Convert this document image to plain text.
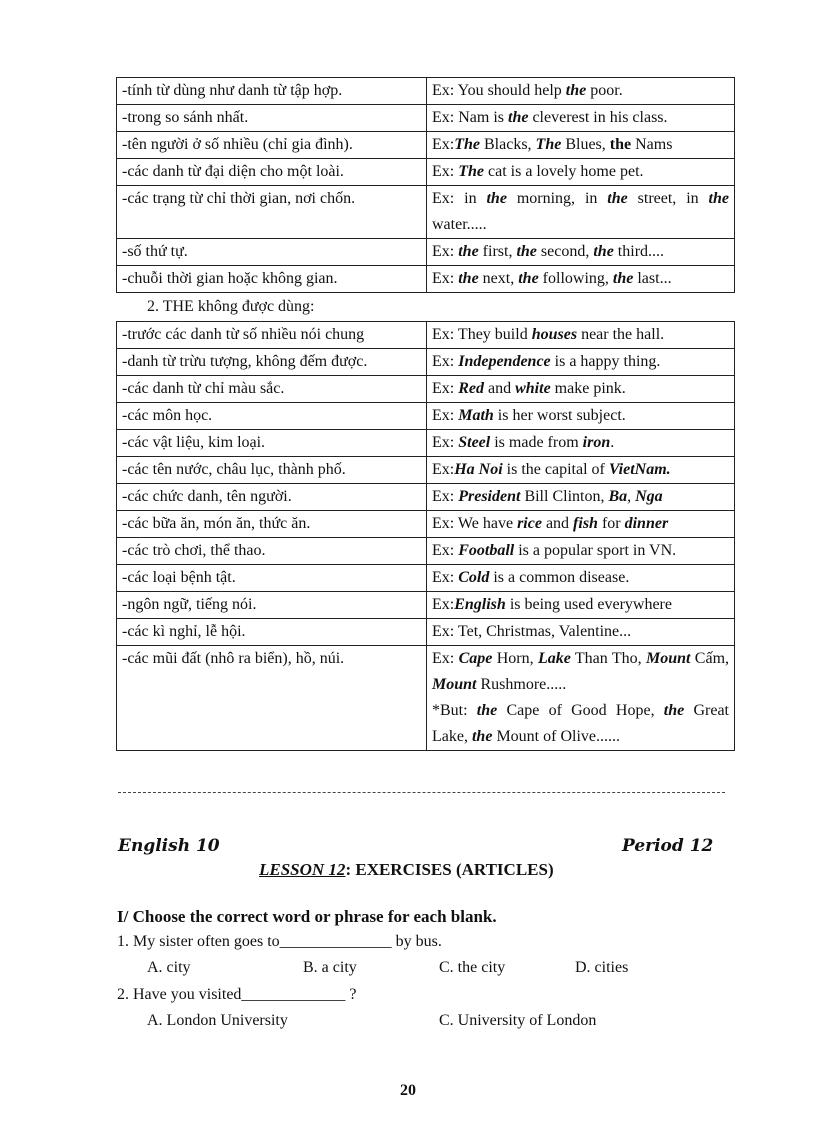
-tính từ dùng như danh từ tập hợp.	Ex: You should help the poor.
-trong so sánh nhất.	Ex: Nam is the cleverest in his class.
-tên người ở số nhiều (chỉ gia đình).	Ex:The Blacks, The Blues, the Nams
-các danh từ đại diện cho một loài.	Ex: The cat is a lovely home pet.
-các trạng từ chỉ thời gian, nơi chốn.	Ex: in the morning, in the street, in the water.....
-số thứ tự.	Ex: the first, the second, the third....
-chuỗi thời gian hoặc không gian.	Ex: the next, the following, the last...
2. THE không được dùng:
-trước các danh từ số nhiều nói chung	Ex: They build houses near the hall.
-danh từ trừu tượng, không đếm được.	Ex: Independence is a happy thing.
-các danh từ chỉ màu sắc.	Ex: Red and white make pink.
-các môn học.	Ex: Math is her worst subject.
-các vật liệu, kim loại.	Ex: Steel is made from iron.
-các tên nước, châu lục, thành phố.	Ex:Ha Noi is the capital of VietNam.
-các chức danh, tên người.	Ex: President Bill Clinton, Ba, Nga
-các bữa ăn, món ăn, thức ăn.	Ex: We have rice and fish for dinner
-các trò chơi, thể thao.	Ex: Football is a popular sport in VN.
-các loại bệnh tật.	Ex: Cold is a common disease.
-ngôn ngữ, tiếng nói.	Ex:English is being used everywhere
-các kì nghỉ, lễ hội.	Ex: Tet, Christmas, Valentine...
-các mũi đất (nhô ra biển), hồ, núi.	Ex: Cape Horn, Lake Than Tho, Mount Cấm, Mount Rushmore.....
*But: the Cape of Good Hope, the Great Lake, the Mount of Olive......
English 10	Period 12
LESSON 12: EXERCISES (ARTICLES)
I/ Choose the correct word or phrase for each blank.
1. My sister often goes to______________ by bus.
A. city	B. a city	C. the city	D. cities
2. Have you visited_____________ ?
A. London University	C. University of London
20
